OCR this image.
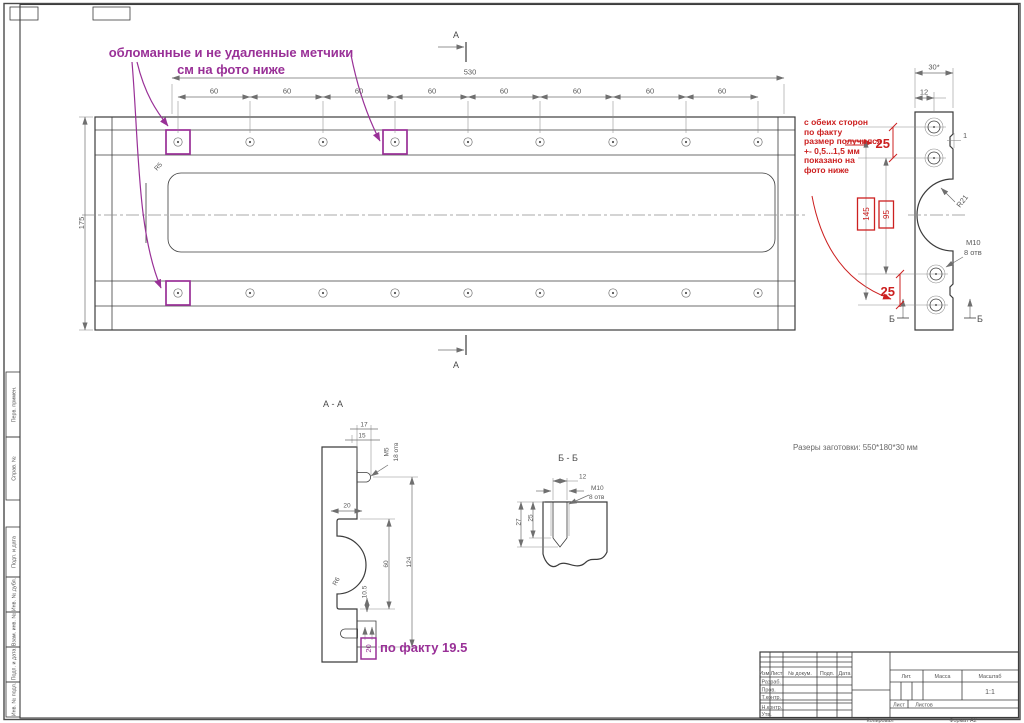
Перв. примен.
Справ. №
Подп. и дата
Инв. № дубл.
Взам. инв. №
Подп. и дата
Инв. № подл.
R5
530
60	60	60	60	60	60	60	60
175
А
А
30*
12
1
R21
М10
8 отв
Б	Б
25
25
145 95
А - А
17
15
М5 18 отв
20
60 124
10.5
R6
20
Б - Б
12
М10
8 отв
27
25
Изм. Лист № докум. Подп. Дата
Разраб.
Пров.
Т.контр.
Н.контр.
Утв.
Лит.	Масса	Масштаб
1:1
Лист Листов
Копировал	Формат А2
обломанные и не удаленные метчики
см на фото ниже
с обеих сторон
по факту
размер получился
+- 0,5...1,5 мм
показано на
фото ниже
по факту 19.5
Разеры заготовки: 550*180*30 мм
